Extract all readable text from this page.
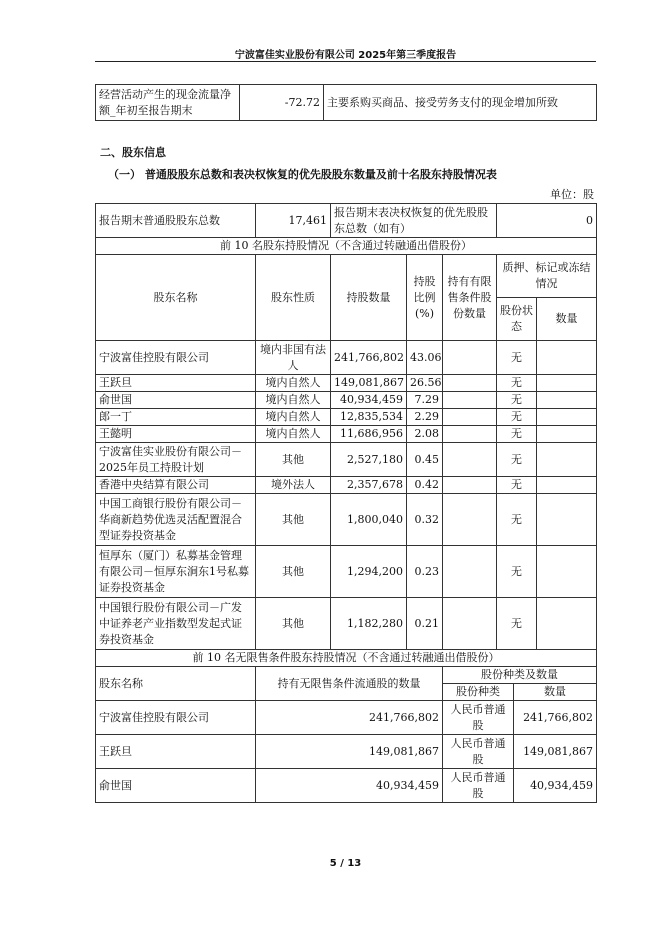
宁波富佳实业股份有限公司 2025年第三季度报告
经营活动产生的现金流量净额_年初至报告期末	-72.72	主要系购买商品、接受劳务支付的现金增加所致
二、股东信息
（一） 普通股股东总数和表决权恢复的优先股股东数量及前十名股东持股情况表
单位：股
报告期末普通股股东总数	17,461	报告期末表决权恢复的优先股股东总数（如有）			0		
前 10 名股东持股情况（不含通过转融通出借股份）							
股东名称	股东性质	持股数量	持股比例(%)	持有有限售条件股份数量	质押、标记或冻结情况		
					股份状态		数量
宁波富佳控股有限公司	境内非国有法人	241,766,802	43.06		无		
王跃旦	境内自然人	149,081,867	26.56		无		
俞世国	境内自然人	40,934,459	7.29		无		
郎一丁	境内自然人	12,835,534	2.29		无		
王懿明	境内自然人	11,686,956	2.08		无		
宁波富佳实业股份有限公司－2025年员工持股计划	其他	2,527,180	0.45		无		
香港中央结算有限公司	境外法人	2,357,678	0.42		无		
中国工商银行股份有限公司－华商新趋势优选灵活配置混合型证券投资基金	其他	1,800,040	0.32		无		
恒厚东（厦门）私募基金管理有限公司－恒厚东涧东1号私募证券投资基金	其他	1,294,200	0.23		无		
中国银行股份有限公司－广发中证养老产业指数型发起式证券投资基金	其他	1,182,280	0.21		无		
前 10 名无限售条件股东持股情况（不含通过转融通出借股份）							
股东名称	持有无限售条件流通股的数量			股份种类及数量			
				股份种类		数量	
宁波富佳控股有限公司	241,766,802			人民币普通股		241,766,802	
王跃旦	149,081,867			人民币普通股		149,081,867	
俞世国	40,934,459			人民币普通股		40,934,459	
5 / 13
